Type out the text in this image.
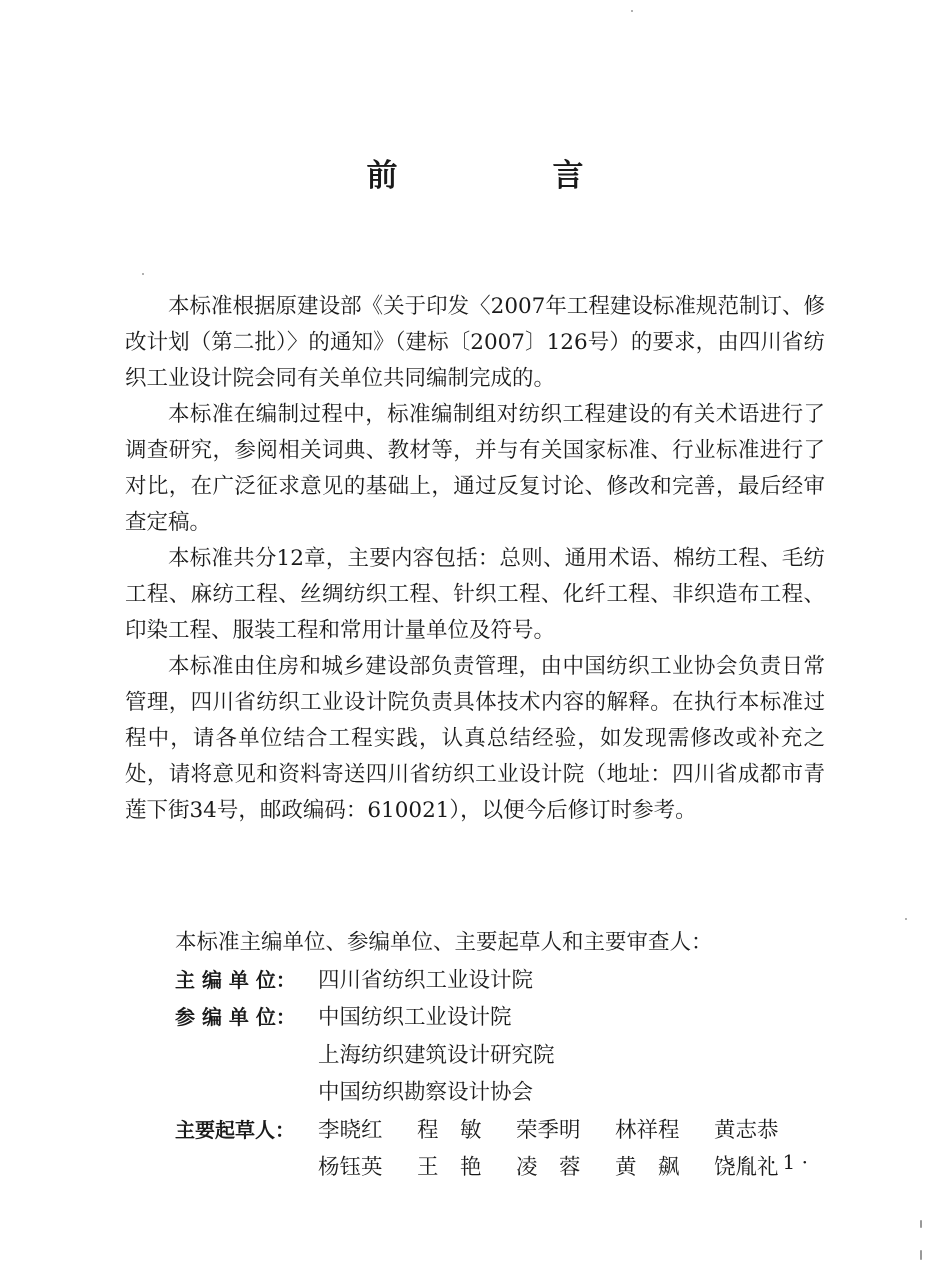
前　言

本标准根据原建设部《关于印发〈2007年工程建设标准规范制订、修改计划（第二批）〉的通知》（建标〔2007〕126号）的要求，由四川省纺织工业设计院会同有关单位共同编制完成的。

本标准在编制过程中，标准编制组对纺织工程建设的有关术语进行了调查研究，参阅相关词典、教材等，并与有关国家标准、行业标准进行了对比，在广泛征求意见的基础上，通过反复讨论、修改和完善，最后经审查定稿。

本标准共分12章，主要内容包括：总则、通用术语、棉纺工程、毛纺工程、麻纺工程、丝绸纺织工程、针织工程、化纤工程、非织造布工程、印染工程、服装工程和常用计量单位及符号。

本标准由住房和城乡建设部负责管理，由中国纺织工业协会负责日常管理，四川省纺织工业设计院负责具体技术内容的解释。在执行本标准过程中，请各单位结合工程实践，认真总结经验，如发现需修改或补充之处，请将意见和资料寄送四川省纺织工业设计院（地址：四川省成都市青莲下街34号，邮政编码：610021），以便今后修订时参考。

本标准主编单位、参编单位、主要起草人和主要审查人：
主 编 单 位：	四川省纺织工业设计院
参 编 单 位：	中国纺织工业设计院
上海纺织建筑设计研究院
中国纺织勘察设计协会
主要起草人：	李晓红	程　敏	荣季明	林祥程	黄志恭
杨钰英	王　艳	凌　蓉	黄　飙	饶胤礼
· 1 ·
